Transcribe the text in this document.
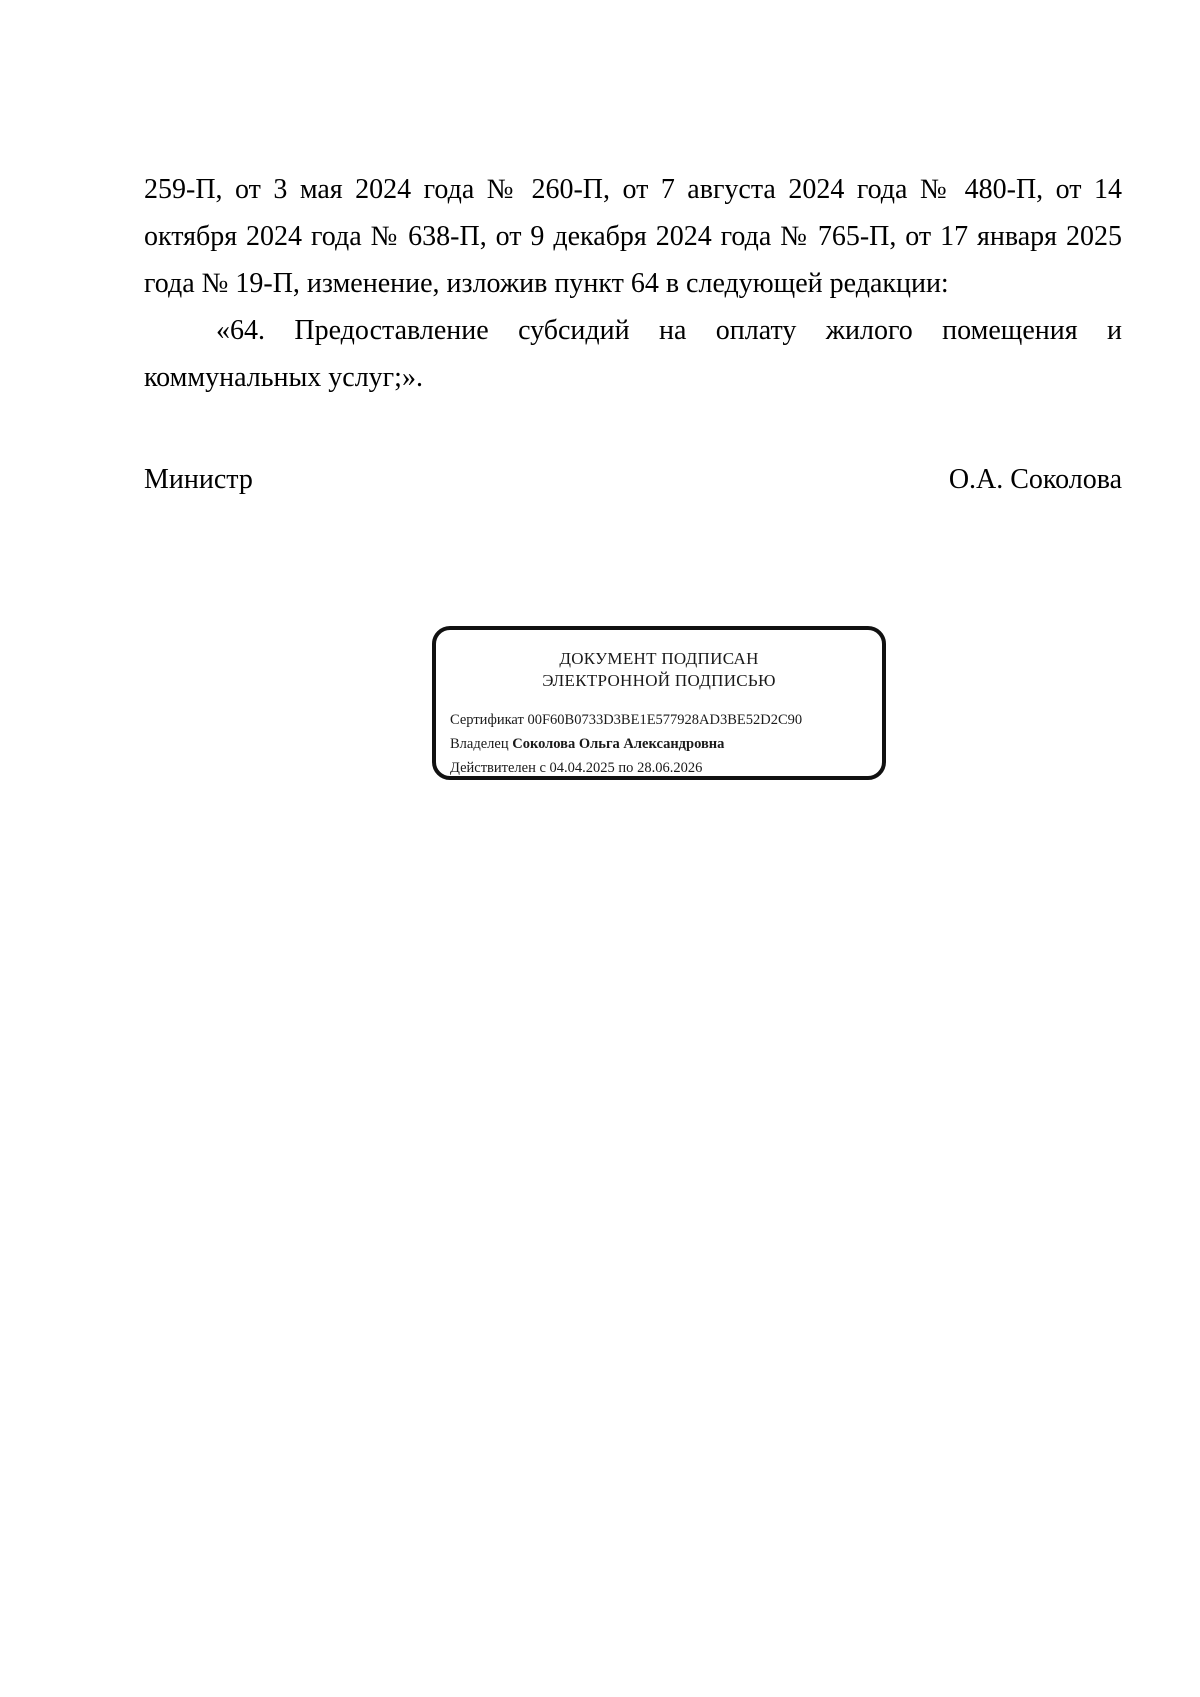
259-П, от 3 мая 2024 года № 260-П, от 7 августа 2024 года № 480-П, от 14 октября 2024 года № 638-П, от 9 декабря 2024 года № 765-П, от 17 января 2025 года № 19-П, изменение, изложив пункт 64 в следующей редакции:

«64. Предоставление субсидий на оплату жилого помещения и коммунальных услуг;».

Министр	О.А. Соколова
ДОКУМЕНТ ПОДПИСАН
ЭЛЕКТРОННОЙ ПОДПИСЬЮ
Сертификат 00F60B0733D3BE1E577928AD3BE52D2C90
Владелец Соколова Ольга Александровна
Действителен с 04.04.2025 по 28.06.2026
